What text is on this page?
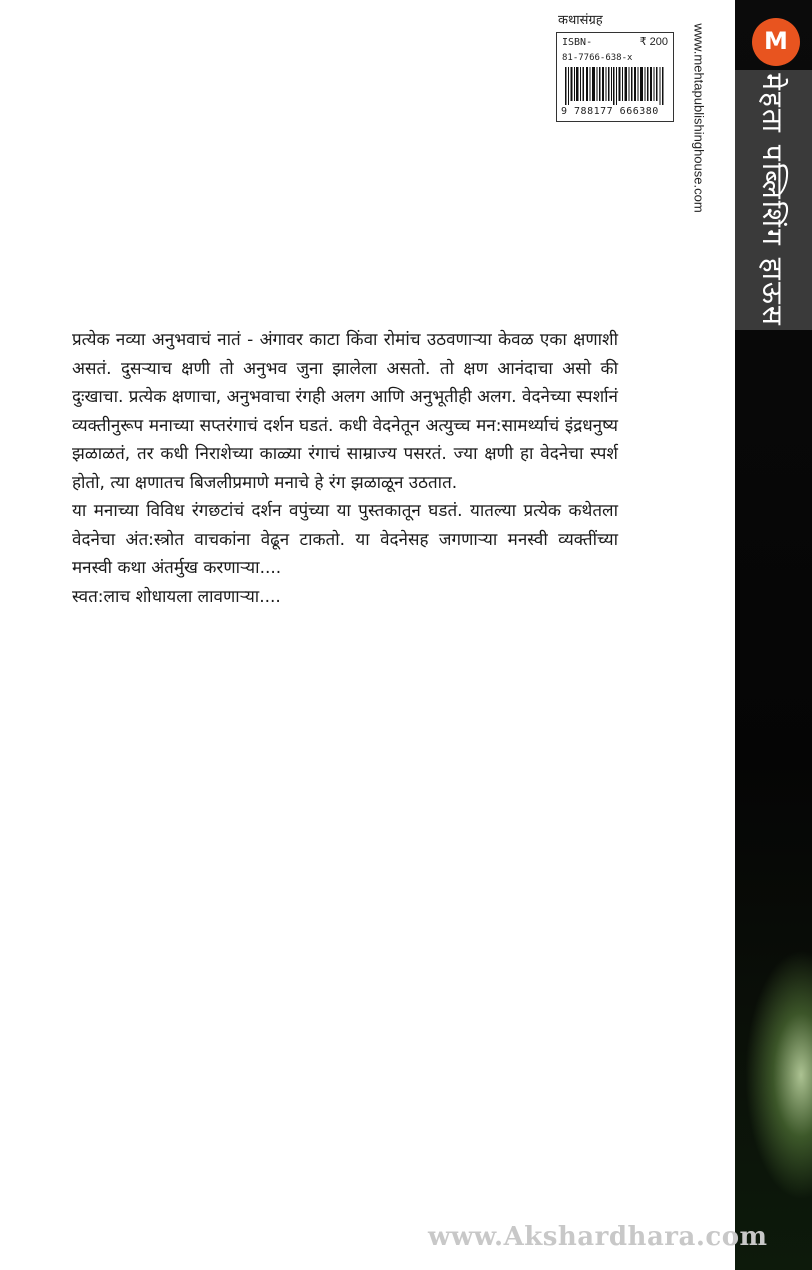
M
मेहता पब्लिशिंग हाऊस
www.mehtapublishinghouse.com
कथासंग्रह
ISBN-	₹ 200
81-7766-638-x
9 788177 666380

प्रत्येक नव्या अनुभवाचं नातं - अंगावर काटा किंवा रोमांच उठवणाऱ्या केवळ एका क्षणाशी असतं. दुसऱ्याच क्षणी तो अनुभव जुना झालेला असतो. तो क्षण आनंदाचा असो की दुःखाचा. प्रत्येक क्षणाचा, अनुभवाचा रंगही अलग आणि अनुभूतीही अलग. वेदनेच्या स्पर्शानं व्यक्तीनुरूप मनाच्या सप्तरंगाचं दर्शन घडतं. कधी वेदनेतून अत्युच्च मन:सामर्थ्याचं इंद्रधनुष्य झळाळतं, तर कधी निराशेच्या काळ्या रंगाचं साम्राज्य पसरतं. ज्या क्षणी हा वेदनेचा स्पर्श होतो, त्या क्षणातच बिजलीप्रमाणे मनाचे हे रंग झळाळून उठतात.

या मनाच्या विविध रंगछटांचं दर्शन वपुंच्या या पुस्तकातून घडतं. यातल्या प्रत्येक कथेतला वेदनेचा अंत:स्त्रोत वाचकांना वेढून टाकतो. या वेदनेसह जगणाऱ्या मनस्वी व्यक्तींच्या मनस्वी कथा अंतर्मुख करणाऱ्या....

स्वत:लाच शोधायला लावणाऱ्या....

www.Akshardhara.com
